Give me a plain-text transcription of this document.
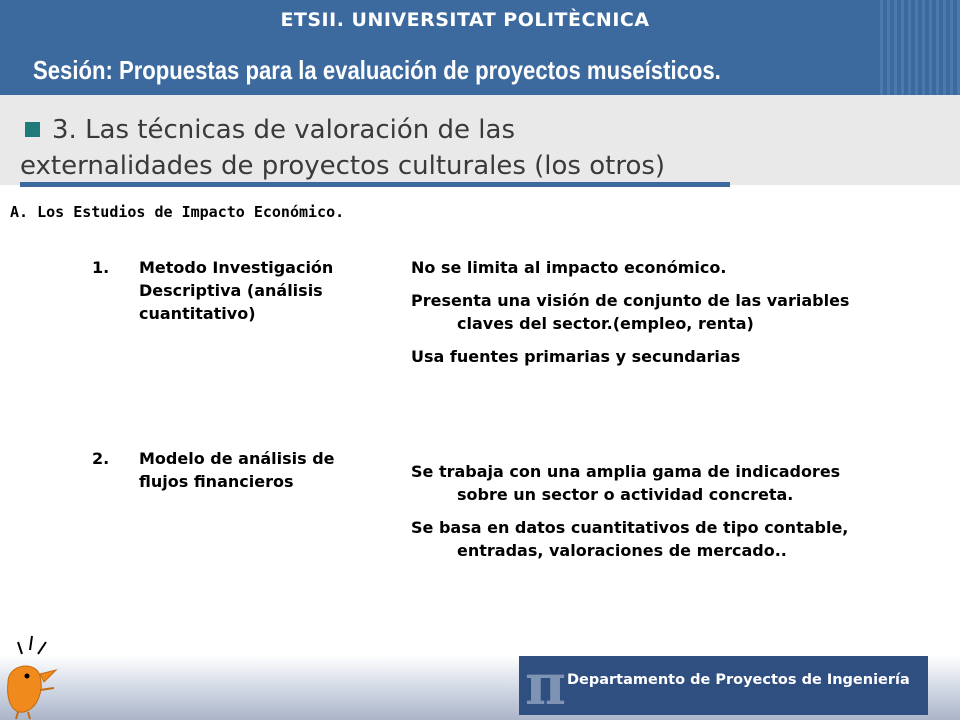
ETSII. UNIVERSITAT POLITÈCNICA
Sesión: Propuestas para la evaluación de proyectos museísticos.
3. Las técnicas de valoración de las
externalidades de proyectos culturales (los otros)
A. Los Estudios de Impacto Económico.
1. Metodo Investigación Descriptiva (análisis cuantitativo)
No se limita al impacto económico.
Presenta una visión de conjunto de las variables claves del sector.(empleo, renta)
Usa fuentes primarias y secundarias
2. Modelo de análisis de flujos financieros
Se trabaja con una amplia gama de indicadores sobre un sector o actividad concreta.
Se basa en datos cuantitativos de tipo contable, entradas, valoraciones de mercado..
π Departamento de Proyectos de Ingeniería
